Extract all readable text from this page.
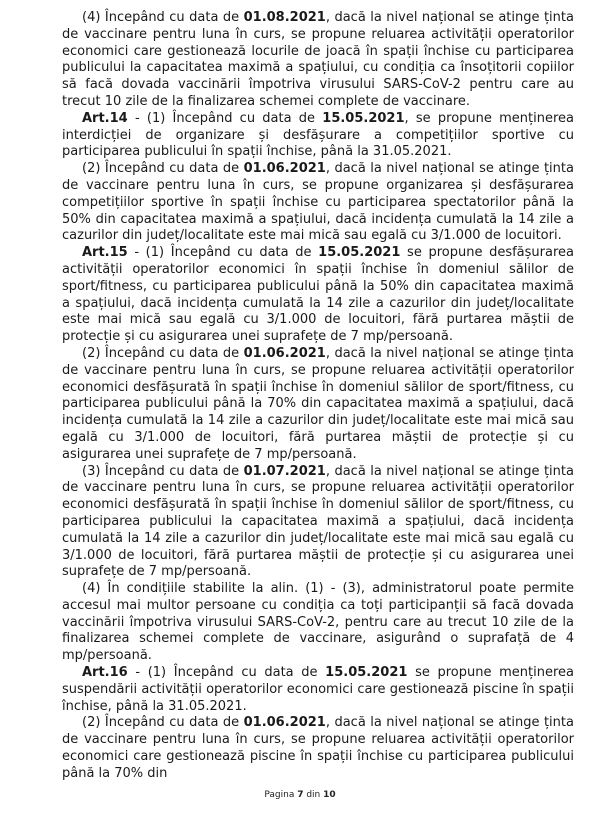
(4) Începând cu data de 01.08.2021, dacă la nivel național se atinge ținta de vaccinare pentru luna în curs, se propune reluarea activității operatorilor economici care gestionează locurile de joacă în spații închise cu participarea publicului la capacitatea maximă a spațiului, cu condiția ca însoțitorii copiilor să facă dovada vaccinării împotriva virusului SARS-CoV-2 pentru care au trecut 10 zile de la finalizarea schemei complete de vaccinare.

Art.14 - (1) Începând cu data de 15.05.2021, se propune menținerea interdicției de organizare și desfășurare a competițiilor sportive cu participarea publicului în spații închise, până la 31.05.2021.

(2) Începând cu data de 01.06.2021, dacă la nivel național se atinge ținta de vaccinare pentru luna în curs, se propune organizarea și desfășurarea competițiilor sportive în spații închise cu participarea spectatorilor până la 50% din capacitatea maximă a spațiului, dacă incidența cumulată la 14 zile a cazurilor din județ/localitate este mai mică sau egală cu 3/1.000 de locuitori.

Art.15 - (1) Începând cu data de 15.05.2021 se propune desfășurarea activității operatorilor economici în spații închise în domeniul sălilor de sport/fitness, cu participarea publicului până la 50% din capacitatea maximă a spațiului, dacă incidența cumulată la 14 zile a cazurilor din județ/localitate este mai mică sau egală cu 3/1.000 de locuitori, fără purtarea măștii de protecție și cu asigurarea unei suprafețe de 7 mp/persoană.

(2) Începând cu data de 01.06.2021, dacă la nivel național se atinge ținta de vaccinare pentru luna în curs, se propune reluarea activității operatorilor economici desfășurată în spații închise în domeniul sălilor de sport/fitness, cu participarea publicului până la 70% din capacitatea maximă a spațiului, dacă incidența cumulată la 14 zile a cazurilor din județ/localitate este mai mică sau egală cu 3/1.000 de locuitori, fără purtarea măștii de protecție și cu asigurarea unei suprafețe de 7 mp/persoană.

(3) Începând cu data de 01.07.2021, dacă la nivel național se atinge ținta de vaccinare pentru luna în curs, se propune reluarea activității operatorilor economici desfășurată în spații închise în domeniul sălilor de sport/fitness, cu participarea publicului la capacitatea maximă a spațiului, dacă incidența cumulată la 14 zile a cazurilor din județ/localitate este mai mică sau egală cu 3/1.000 de locuitori, fără purtarea măștii de protecție și cu asigurarea unei suprafețe de 7 mp/persoană.

(4) În condițiile stabilite la alin. (1) - (3), administratorul poate permite accesul mai multor persoane cu condiția ca toți participanții să facă dovada vaccinării împotriva virusului SARS-CoV-2, pentru care au trecut 10 zile de la finalizarea schemei complete de vaccinare, asigurând o suprafață de 4 mp/persoană.

Art.16 - (1) Începând cu data de 15.05.2021 se propune menținerea suspendării activității operatorilor economici care gestionează piscine în spații închise, până la 31.05.2021.

(2) Începând cu data de 01.06.2021, dacă la nivel național se atinge ținta de vaccinare pentru luna în curs, se propune reluarea activității operatorilor economici care gestionează piscine în spații închise cu participarea publicului până la 70% din

Pagina 7 din 10
